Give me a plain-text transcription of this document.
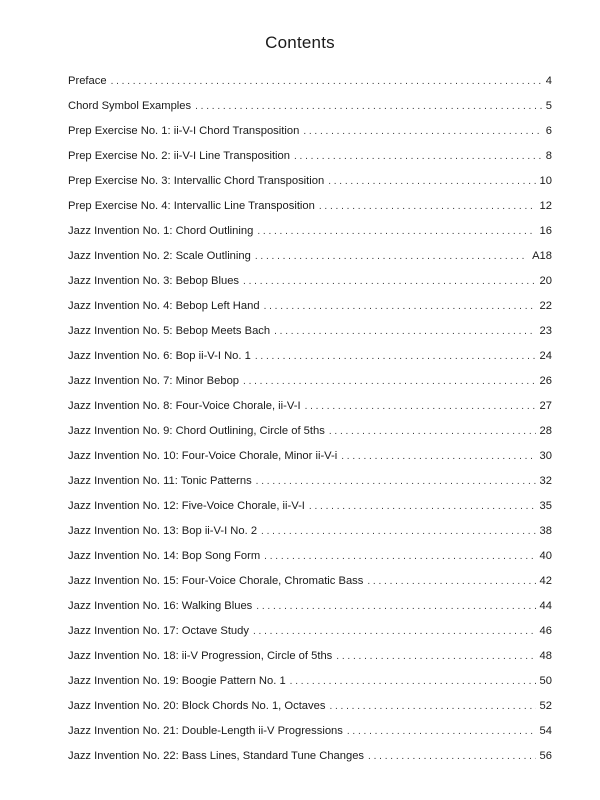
Contents
Preface . . .	4
Chord Symbol Examples . . .	5
Prep Exercise No. 1: ii-V-I Chord Transposition . . .	6
Prep Exercise No. 2: ii-V-I Line Transposition . . .	8
Prep Exercise No. 3: Intervallic Chord Transposition . . .	10
Prep Exercise No. 4: Intervallic Line Transposition . . .	12
Jazz Invention No. 1: Chord Outlining . . .	16
Jazz Invention No. 2: Scale Outlining . . .	A18
Jazz Invention No. 3: Bebop Blues . . .	20
Jazz Invention No. 4: Bebop Left Hand . . .	22
Jazz Invention No. 5: Bebop Meets Bach . . .	23
Jazz Invention No. 6: Bop ii-V-I No. 1 . . .	24
Jazz Invention No. 7: Minor Bebop . . .	26
Jazz Invention No. 8: Four-Voice Chorale, ii-V-I . . .	27
Jazz Invention No. 9: Chord Outlining, Circle of 5ths . . .	28
Jazz Invention No. 10: Four-Voice Chorale, Minor ii-V-i . . .	30
Jazz Invention No. 11: Tonic Patterns . . .	32
Jazz Invention No. 12: Five-Voice Chorale, ii-V-I . . .	35
Jazz Invention No. 13: Bop ii-V-I No. 2 . . .	38
Jazz Invention No. 14: Bop Song Form . . .	40
Jazz Invention No. 15: Four-Voice Chorale, Chromatic Bass . . .	42
Jazz Invention No. 16: Walking Blues . . .	44
Jazz Invention No. 17: Octave Study . . .	46
Jazz Invention No. 18: ii-V Progression, Circle of 5ths . . .	48
Jazz Invention No. 19: Boogie Pattern No. 1 . . .	50
Jazz Invention No. 20: Block Chords No. 1, Octaves . . .	52
Jazz Invention No. 21: Double-Length ii-V Progressions . . .	54
Jazz Invention No. 22: Bass Lines, Standard Tune Changes . . .	56
